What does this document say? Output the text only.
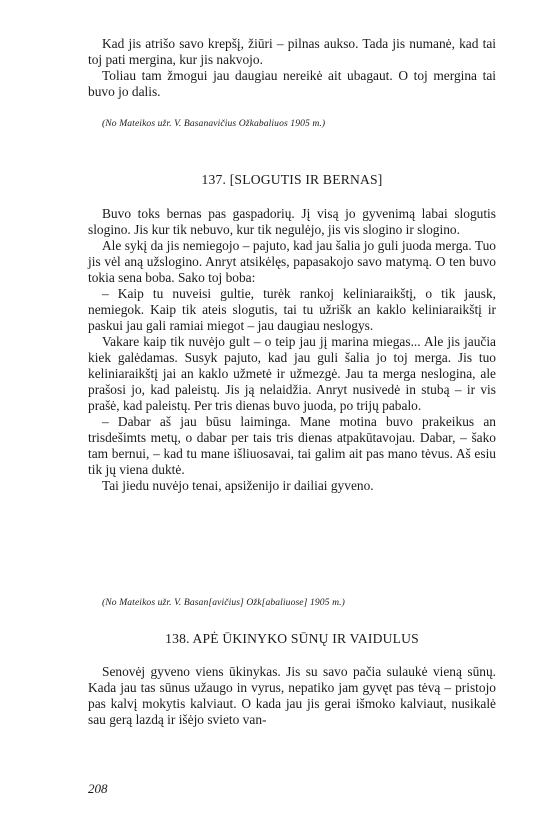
Kad jis atrišo savo krepšį, žiūri – pilnas aukso. Tada jis numanė, kad tai toj pati mergina, kur jis nakvojo.

Toliau tam žmogui jau daugiau nereikė ait ubagaut. O toj mergina tai buvo jo dalis.

(No Mateikos užr. V. Basanavičius Ožkabaliuos 1905 m.)

137. [SLOGUTIS IR BERNAS]

Buvo toks bernas pas gaspadorių. Jį visą jo gyvenimą labai slogutis slogino. Jis kur tik nebuvo, kur tik negulėjo, jis vis slogino ir slogino.

Ale sykį da jis nemiegojo – pajuto, kad jau šalia jo guli juoda merga. Tuo jis vėl aną užslogino. Anryt atsikėlęs, papasakojo savo matymą. O ten buvo tokia sena boba. Sako toj boba:

– Kaip tu nuveisi gultie, turėk rankoj keliniaraikštį, o tik jausk, nemiegok. Kaip tik ateis slogutis, tai tu užrišk an kaklo keliniaraikštį ir paskui jau gali ramiai miegot – jau daugiau neslogys.

Vakare kaip tik nuvėjo gult – o teip jau jį marina miegas... Ale jis jaučia kiek galėdamas. Susyk pajuto, kad jau guli šalia jo toj merga. Jis tuo keliniaraikštį jai an kaklo užmetė ir užmezgė. Jau ta merga neslogina, ale prašosi jo, kad paleistų. Jis ją nelaidžia. Anryt nusivedė in stubą – ir vis prašė, kad paleistų. Per tris dienas buvo juoda, po trijų pabalo.

– Dabar aš jau būsu laiminga. Mane motina buvo prakeikus an trisdešimts metų, o dabar per tais tris dienas atpakūtavojau. Dabar, – šako tam bernui, – kad tu mane išliuosavai, tai galim ait pas mano tėvus. Aš esiu tik jų viena duktė.

Tai jiedu nuvėjo tenai, apsiženijo ir dailiai gyveno.

(No Mateikos užr. V. Basan[avičius] Ožk[abaliuose] 1905 m.)

138. APĖ ŪKINYKO SŪNŲ IR VAIDULUS

Senovėj gyveno viens ūkinykas. Jis su savo pačia sulaukė vieną sūnų. Kada jau tas sūnus užaugo in vyrus, nepatiko jam gyvęt pas tėvą – pristojo pas kalvį mokytis kalviaut. O kada jau jis gerai išmoko kalviaut, nusikalė sau gerą lazdą ir išėjo svieto van-

208
